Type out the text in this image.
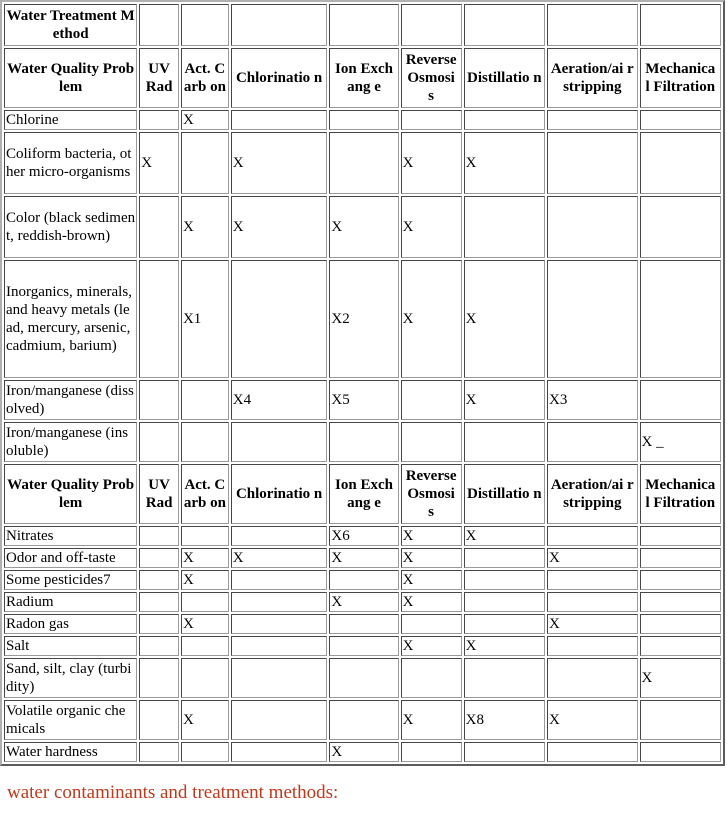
Water Treatment Method								
Water Quality Problem	UV Rad	Act. Carb on	Chlorinatio n	Ion Exchang e	Reverse Osmosi s	Distillatio n	Aeration/ai r stripping	Mechanica l Filtration
Chlorine		X						
Coliform bacteria, other micro-organisms	X		X		X	X		
Color (black sediment, reddish-brown)		X	X	X	X			
Inorganics, minerals, and heavy metals (lead, mercury, arsenic, cadmium, barium)		X1		X2	X	X		
Iron/manganese (dissolved)			X4	X5		X	X3	
Iron/manganese (insoluble)								X _
Water Quality Problem	UV Rad	Act. Carb on	Chlorinatio n	Ion Exchang e	Reverse Osmosi s	Distillatio n	Aeration/ai r stripping	Mechanica l Filtration
Nitrates				X6	X	X		
Odor and off-taste		X	X	X	X		X	
Some pesticides7		X			X			
Radium				X	X			
Radon gas		X					X	
Salt					X	X		
Sand, silt, clay (turbidity)								X
Volatile organic chemicals		X			X	X8	X	
Water hardness				X				
water contaminants and treatment methods:
